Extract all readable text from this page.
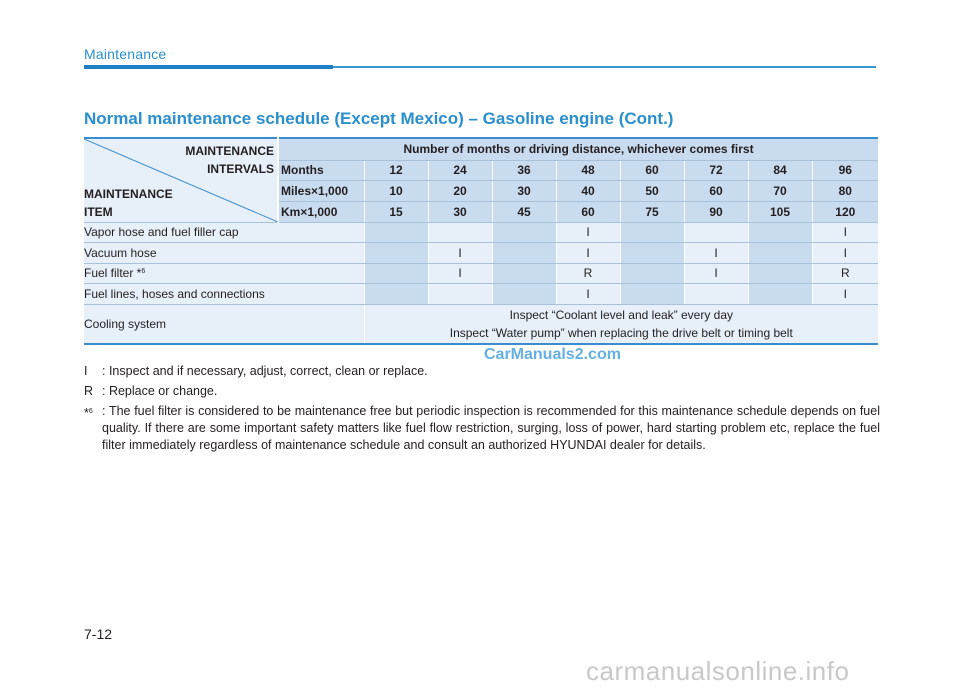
Maintenance
Normal maintenance schedule (Except Mexico) – Gasoline engine (Cont.)
MAINTENANCE
INTERVALS
MAINTENANCE
ITEM	Number of months or driving distance, whichever comes first								
	Months	12	24	36	48	60	72	84	96
	Miles×1,000	10	20	30	40	50	60	70	80
	Km×1,000	15	30	45	60	75	90	105	120
Vapor hose and fuel filler cap					I				I
Vacuum hose			I		I		I		I
Fuel filter *$^6$			I		R		I		R
Fuel lines, hoses and connections					I				I
Cooling system		Inspect “Coolant level and leak” every day
Inspect “Water pump” when replacing the drive belt or timing belt							
CarManuals2.com
I	: Inspect and if necessary, adjust, correct, clean or replace.
R : Replace or change.
*$^6$ : The fuel filter is considered to be maintenance free but periodic inspection is recommended for this maintenance schedule depends on fuel quality. If there are some important safety matters like fuel flow restriction, surging, loss of power, hard starting problem etc, replace the fuel filter immediately regardless of maintenance schedule and consult an authorized HYUNDAI dealer for details.
7-12
carmanualsonline.info
